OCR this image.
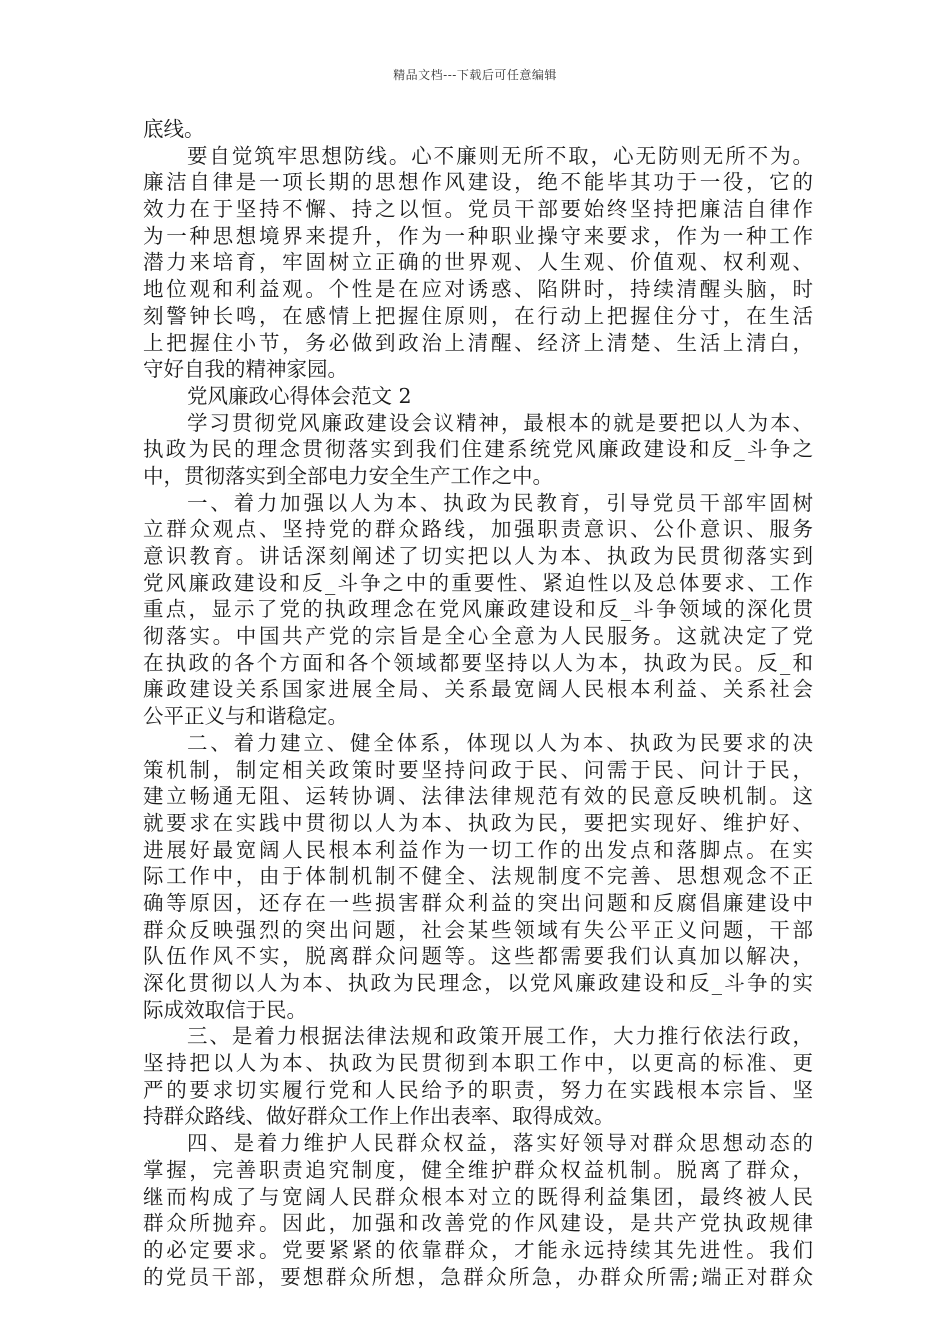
精品文档---下载后可任意编辑
底线。
要自觉筑牢思想防线。心不廉则无所不取，心无防则无所不为。
廉洁自律是一项长期的思想作风建设，绝不能毕其功于一役，它的
效力在于坚持不懈、持之以恒。党员干部要始终坚持把廉洁自律作
为一种思想境界来提升，作为一种职业操守来要求，作为一种工作
潜力来培育，牢固树立正确的世界观、人生观、价值观、权利观、
地位观和利益观。个性是在应对诱惑、陷阱时，持续清醒头脑，时
刻警钟长鸣，在感情上把握住原则，在行动上把握住分寸，在生活
上把握住小节，务必做到政治上清醒、经济上清楚、生活上清白，
守好自我的精神家园。
党风廉政心得体会范文 2
学习贯彻党风廉政建设会议精神，最根本的就是要把以人为本、
执政为民的理念贯彻落实到我们住建系统党风廉政建设和反_斗争之
中，贯彻落实到全部电力安全生产工作之中。
一、着力加强以人为本、执政为民教育，引导党员干部牢固树
立群众观点、坚持党的群众路线，加强职责意识、公仆意识、服务
意识教育。讲话深刻阐述了切实把以人为本、执政为民贯彻落实到
党风廉政建设和反_斗争之中的重要性、紧迫性以及总体要求、工作
重点，显示了党的执政理念在党风廉政建设和反_斗争领域的深化贯
彻落实。中国共产党的宗旨是全心全意为人民服务。这就决定了党
在执政的各个方面和各个领域都要坚持以人为本，执政为民。反_和
廉政建设关系国家进展全局、关系最宽阔人民根本利益、关系社会
公平正义与和谐稳定。
二、着力建立、健全体系，体现以人为本、执政为民要求的决
策机制，制定相关政策时要坚持问政于民、问需于民、问计于民，
建立畅通无阻、运转协调、法律法律规范有效的民意反映机制。这
就要求在实践中贯彻以人为本、执政为民，要把实现好、维护好、
进展好最宽阔人民根本利益作为一切工作的出发点和落脚点。在实
际工作中，由于体制机制不健全、法规制度不完善、思想观念不正
确等原因，还存在一些损害群众利益的突出问题和反腐倡廉建设中
群众反映强烈的突出问题，社会某些领域有失公平正义问题，干部
队伍作风不实，脱离群众问题等。这些都需要我们认真加以解决，
深化贯彻以人为本、执政为民理念，以党风廉政建设和反_斗争的实
际成效取信于民。
三、是着力根据法律法规和政策开展工作，大力推行依法行政，
坚持把以人为本、执政为民贯彻到本职工作中，以更高的标准、更
严的要求切实履行党和人民给予的职责，努力在实践根本宗旨、坚
持群众路线、做好群众工作上作出表率、取得成效。
四、是着力维护人民群众权益，落实好领导对群众思想动态的
掌握，完善职责追究制度，健全维护群众权益机制。脱离了群众，
继而构成了与宽阔人民群众根本对立的既得利益集团，最终被人民
群众所抛弃。因此，加强和改善党的作风建设，是共产党执政规律
的必定要求。党要紧紧的依靠群众，才能永远持续其先进性。我们
的党员干部，要想群众所想，急群众所急，办群众所需;端正对群众
